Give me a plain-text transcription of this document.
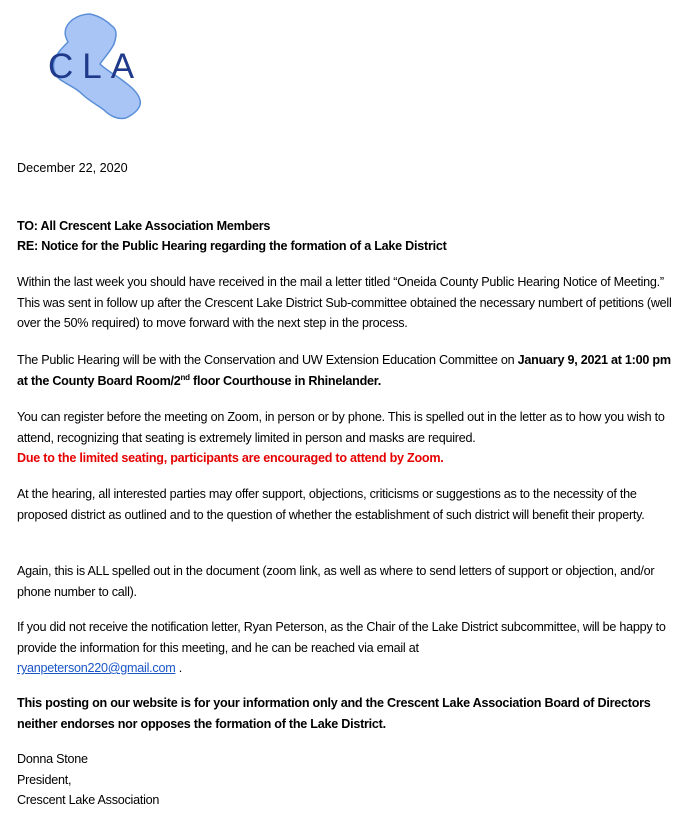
CLA
December 22, 2020
TO: All Crescent Lake Association Members
RE: Notice for the Public Hearing regarding the formation of a Lake District
Within the last week you should have received in the mail a letter titled “Oneida County Public Hearing Notice of Meeting.” This was sent in follow up after the Crescent Lake District Sub-committee obtained the necessary numbert of petitions (well over the 50% required) to move forward with the next step in the process.
The Public Hearing will be with the Conservation and UW Extension Education Committee on January 9, 2021 at 1:00 pm at the County Board Room/2nd floor Courthouse in Rhinelander.
You can register before the meeting on Zoom, in person or by phone. This is spelled out in the letter as to how you wish to attend, recognizing that seating is extremely limited in person and masks are required.
Due to the limited seating, participants are encouraged to attend by Zoom.
At the hearing, all interested parties may offer support, objections, criticisms or suggestions as to the necessity of the proposed district as outlined and to the question of whether the establishment of such district will benefit their property.
Again, this is ALL spelled out in the document (zoom link, as well as where to send letters of support or objection, and/or phone number to call).
If you did not receive the notification letter, Ryan Peterson, as the Chair of the Lake District subcommittee, will be happy to provide the information for this meeting, and he can be reached via email at
ryanpeterson220@gmail.com .
This posting on our website is for your information only and the Crescent Lake Association Board of Directors neither endorses nor opposes the formation of the Lake District.
Donna Stone
President,
Crescent Lake Association
